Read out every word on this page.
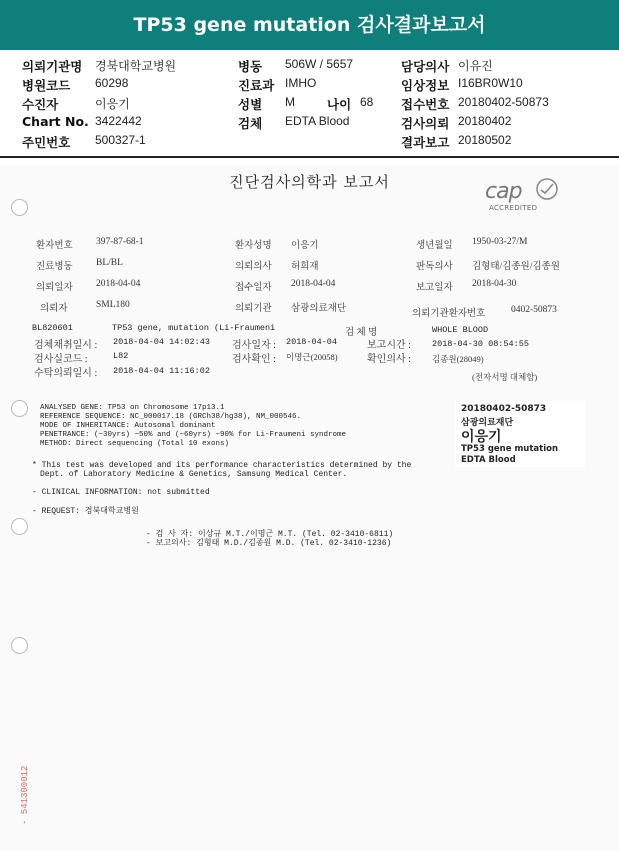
TP53 gene mutation 검사결과보고서
의뢰기관명 경북대학교병원	병동 506W / 5657	담당의사 이유진
병원코드 60298	진료과 IMHO	임상정보 I16BR0W10
수진자	이응기	성별 M	나이 68 접수번호 20180402-50873
Chart No. 3422442	검체 EDTA Blood	검사의뢰 20180402
주민번호 500327-1	결과보고 20180502
진단검사의학과 보고서	cap
ACCREDITED
환자번호 397-87-68-1	환자성명 이응기	생년월일 1950-03-27/M
진료병동 BL/BL	의뢰의사 허희재	판독의사 김형태/김종원/김종원
의뢰일자 2018-04-04	접수일자 2018-04-04	보고일자 2018-04-30
의뢰자	SML180	의뢰기관 삼광의료재단	의뢰기관환자번호	0402-50873
BL820601	TP53 gene, mutation (Li-Fraumeni	검 체 명	WHOLE BLOOD
검체채취일시 : 2018-04-04 14:02:43 검사일자 : 2018-04-04	보고시간 : 2018-04-30 08:54:55
검사실코드 :	L82	검사확인 : 이명근(20058)	확인의사 : 김종원(28049)
수탁의뢰일시 : 2018-04-04 11:16:02
(전자서명 대체함)
ANALYSED GENE: TP53 on Chromosome 17p13.1
REFERENCE SEQUENCE: NC_000017.18 (GRCh38/hg38), NM_000546.
MODE OF INHERITANCE: Autosomal dominant
PENETRANCE: (~30yrs) ~50% and (~60yrs) ~90% for Li-Fraumeni syndrome
METHOD: Direct sequencing (Total 10 exons)
* This test was developed and its performance characteristics determined by the
Dept. of Laboratory Medicine & Genetics, Samsung Medical Center.
- CLINICAL INFORMATION: not submitted
- REQUEST: 경북대학교병원
- 검 사 자: 이상규 M.T./이명근 M.T. (Tel. 02-3410-6811)
- 보고의사: 김형태 M.D./김종원 M.D. (Tel. 02-3410-1236)
20180402-50873
삼광의료재단
이응기
TP53 gene mutation
EDTA Blood
- 541300012
